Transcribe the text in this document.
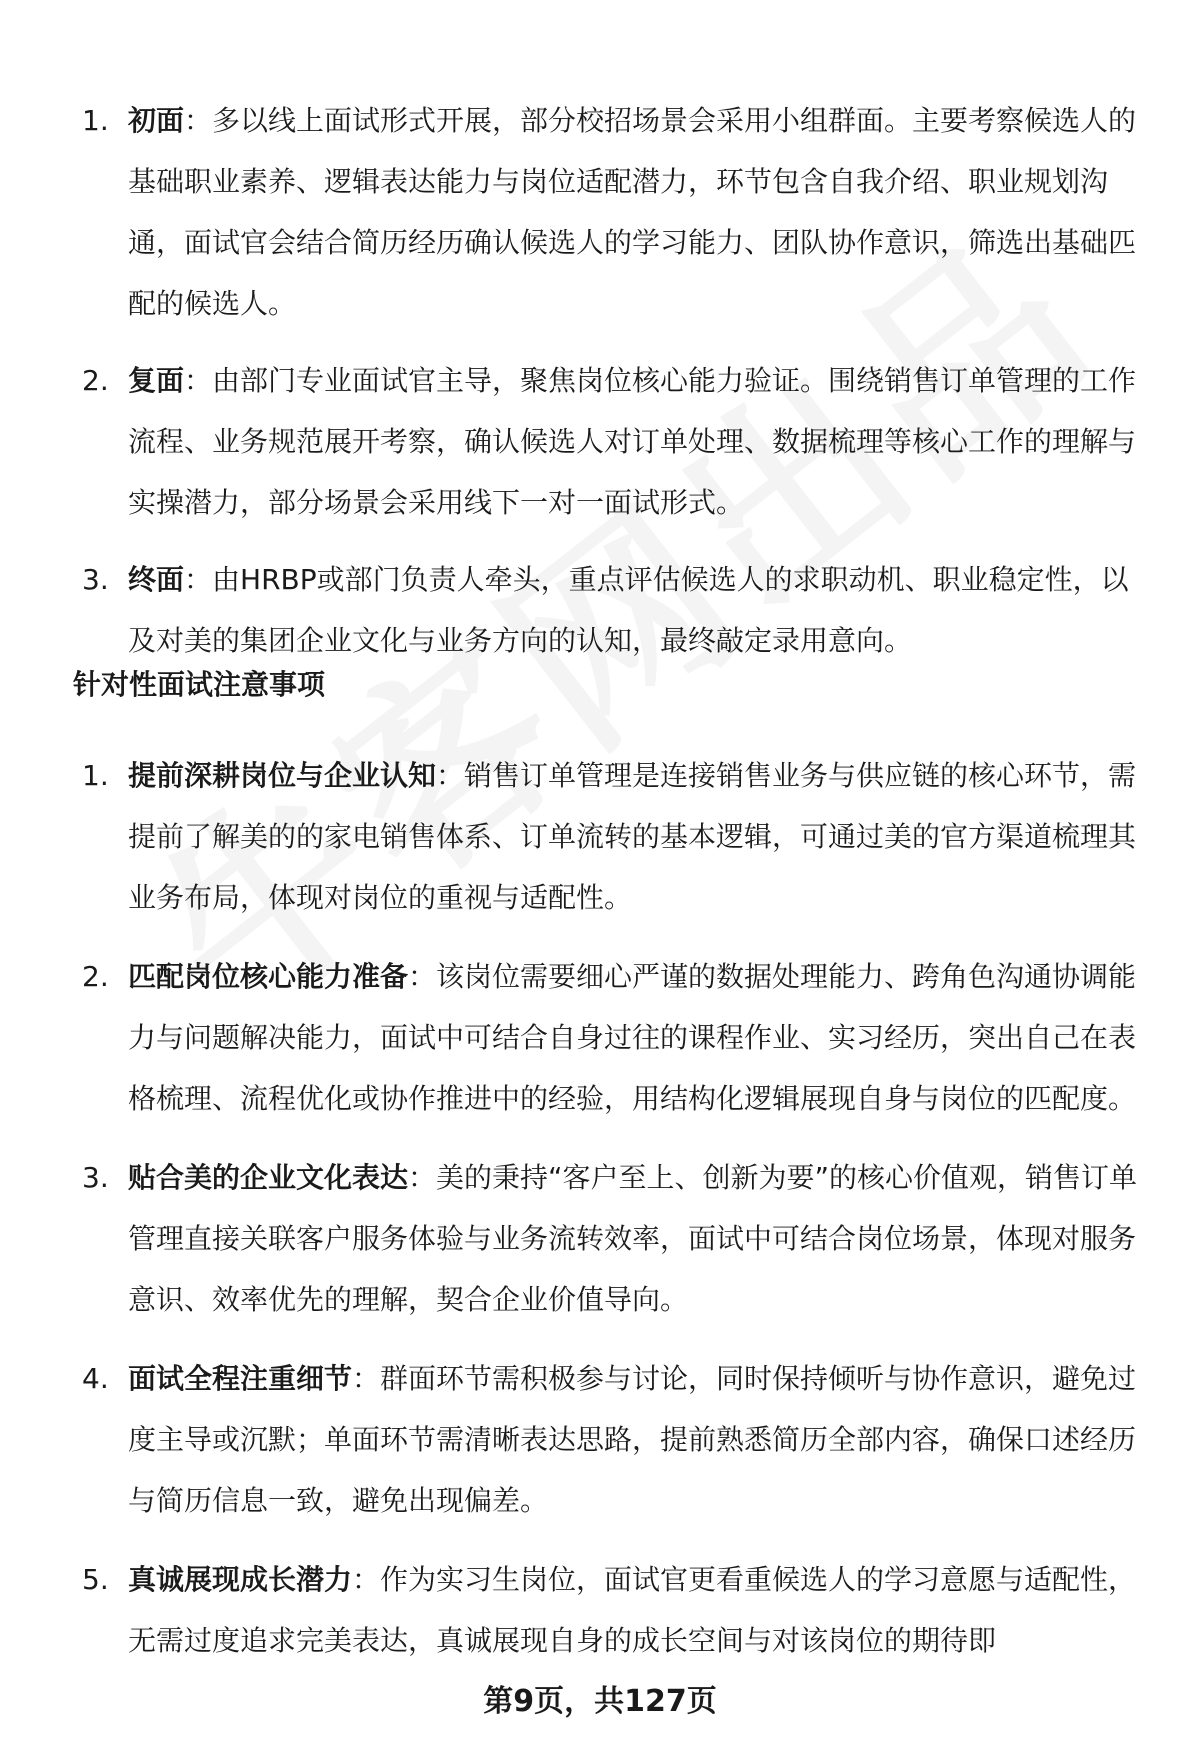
1. 初面：多以线上面试形式开展，部分校招场景会采用小组群面。主要考察候选人的基础职业素养、逻辑表达能力与岗位适配潜力，环节包含自我介绍、职业规划沟通，面试官会结合简历经历确认候选人的学习能力、团队协作意识，筛选出基础匹配的候选人。
2. 复面：由部门专业面试官主导，聚焦岗位核心能力验证。围绕销售订单管理的工作流程、业务规范展开考察，确认候选人对订单处理、数据梳理等核心工作的理解与实操潜力，部分场景会采用线下一对一面试形式。
3. 终面：由HRBP或部门负责人牵头，重点评估候选人的求职动机、职业稳定性，以及对美的集团企业文化与业务方向的认知，最终敲定录用意向。
针对性面试注意事项
1. 提前深耕岗位与企业认知：销售订单管理是连接销售业务与供应链的核心环节，需提前了解美的的家电销售体系、订单流转的基本逻辑，可通过美的官方渠道梳理其业务布局，体现对岗位的重视与适配性。
2. 匹配岗位核心能力准备：该岗位需要细心严谨的数据处理能力、跨角色沟通协调能力与问题解决能力，面试中可结合自身过往的课程作业、实习经历，突出自己在表格梳理、流程优化或协作推进中的经验，用结构化逻辑展现自身与岗位的匹配度。
3. 贴合美的企业文化表达：美的秉持“客户至上、创新为要”的核心价值观，销售订单管理直接关联客户服务体验与业务流转效率，面试中可结合岗位场景，体现对服务意识、效率优先的理解，契合企业价值导向。
4. 面试全程注重细节：群面环节需积极参与讨论，同时保持倾听与协作意识，避免过度主导或沉默；单面环节需清晰表达思路，提前熟悉简历全部内容，确保口述经历与简历信息一致，避免出现偏差。
5. 真诚展现成长潜力：作为实习生岗位，面试官更看重候选人的学习意愿与适配性，无需过度追求完美表达，真诚展现自身的成长空间与对该岗位的期待即
第9页，共127页
